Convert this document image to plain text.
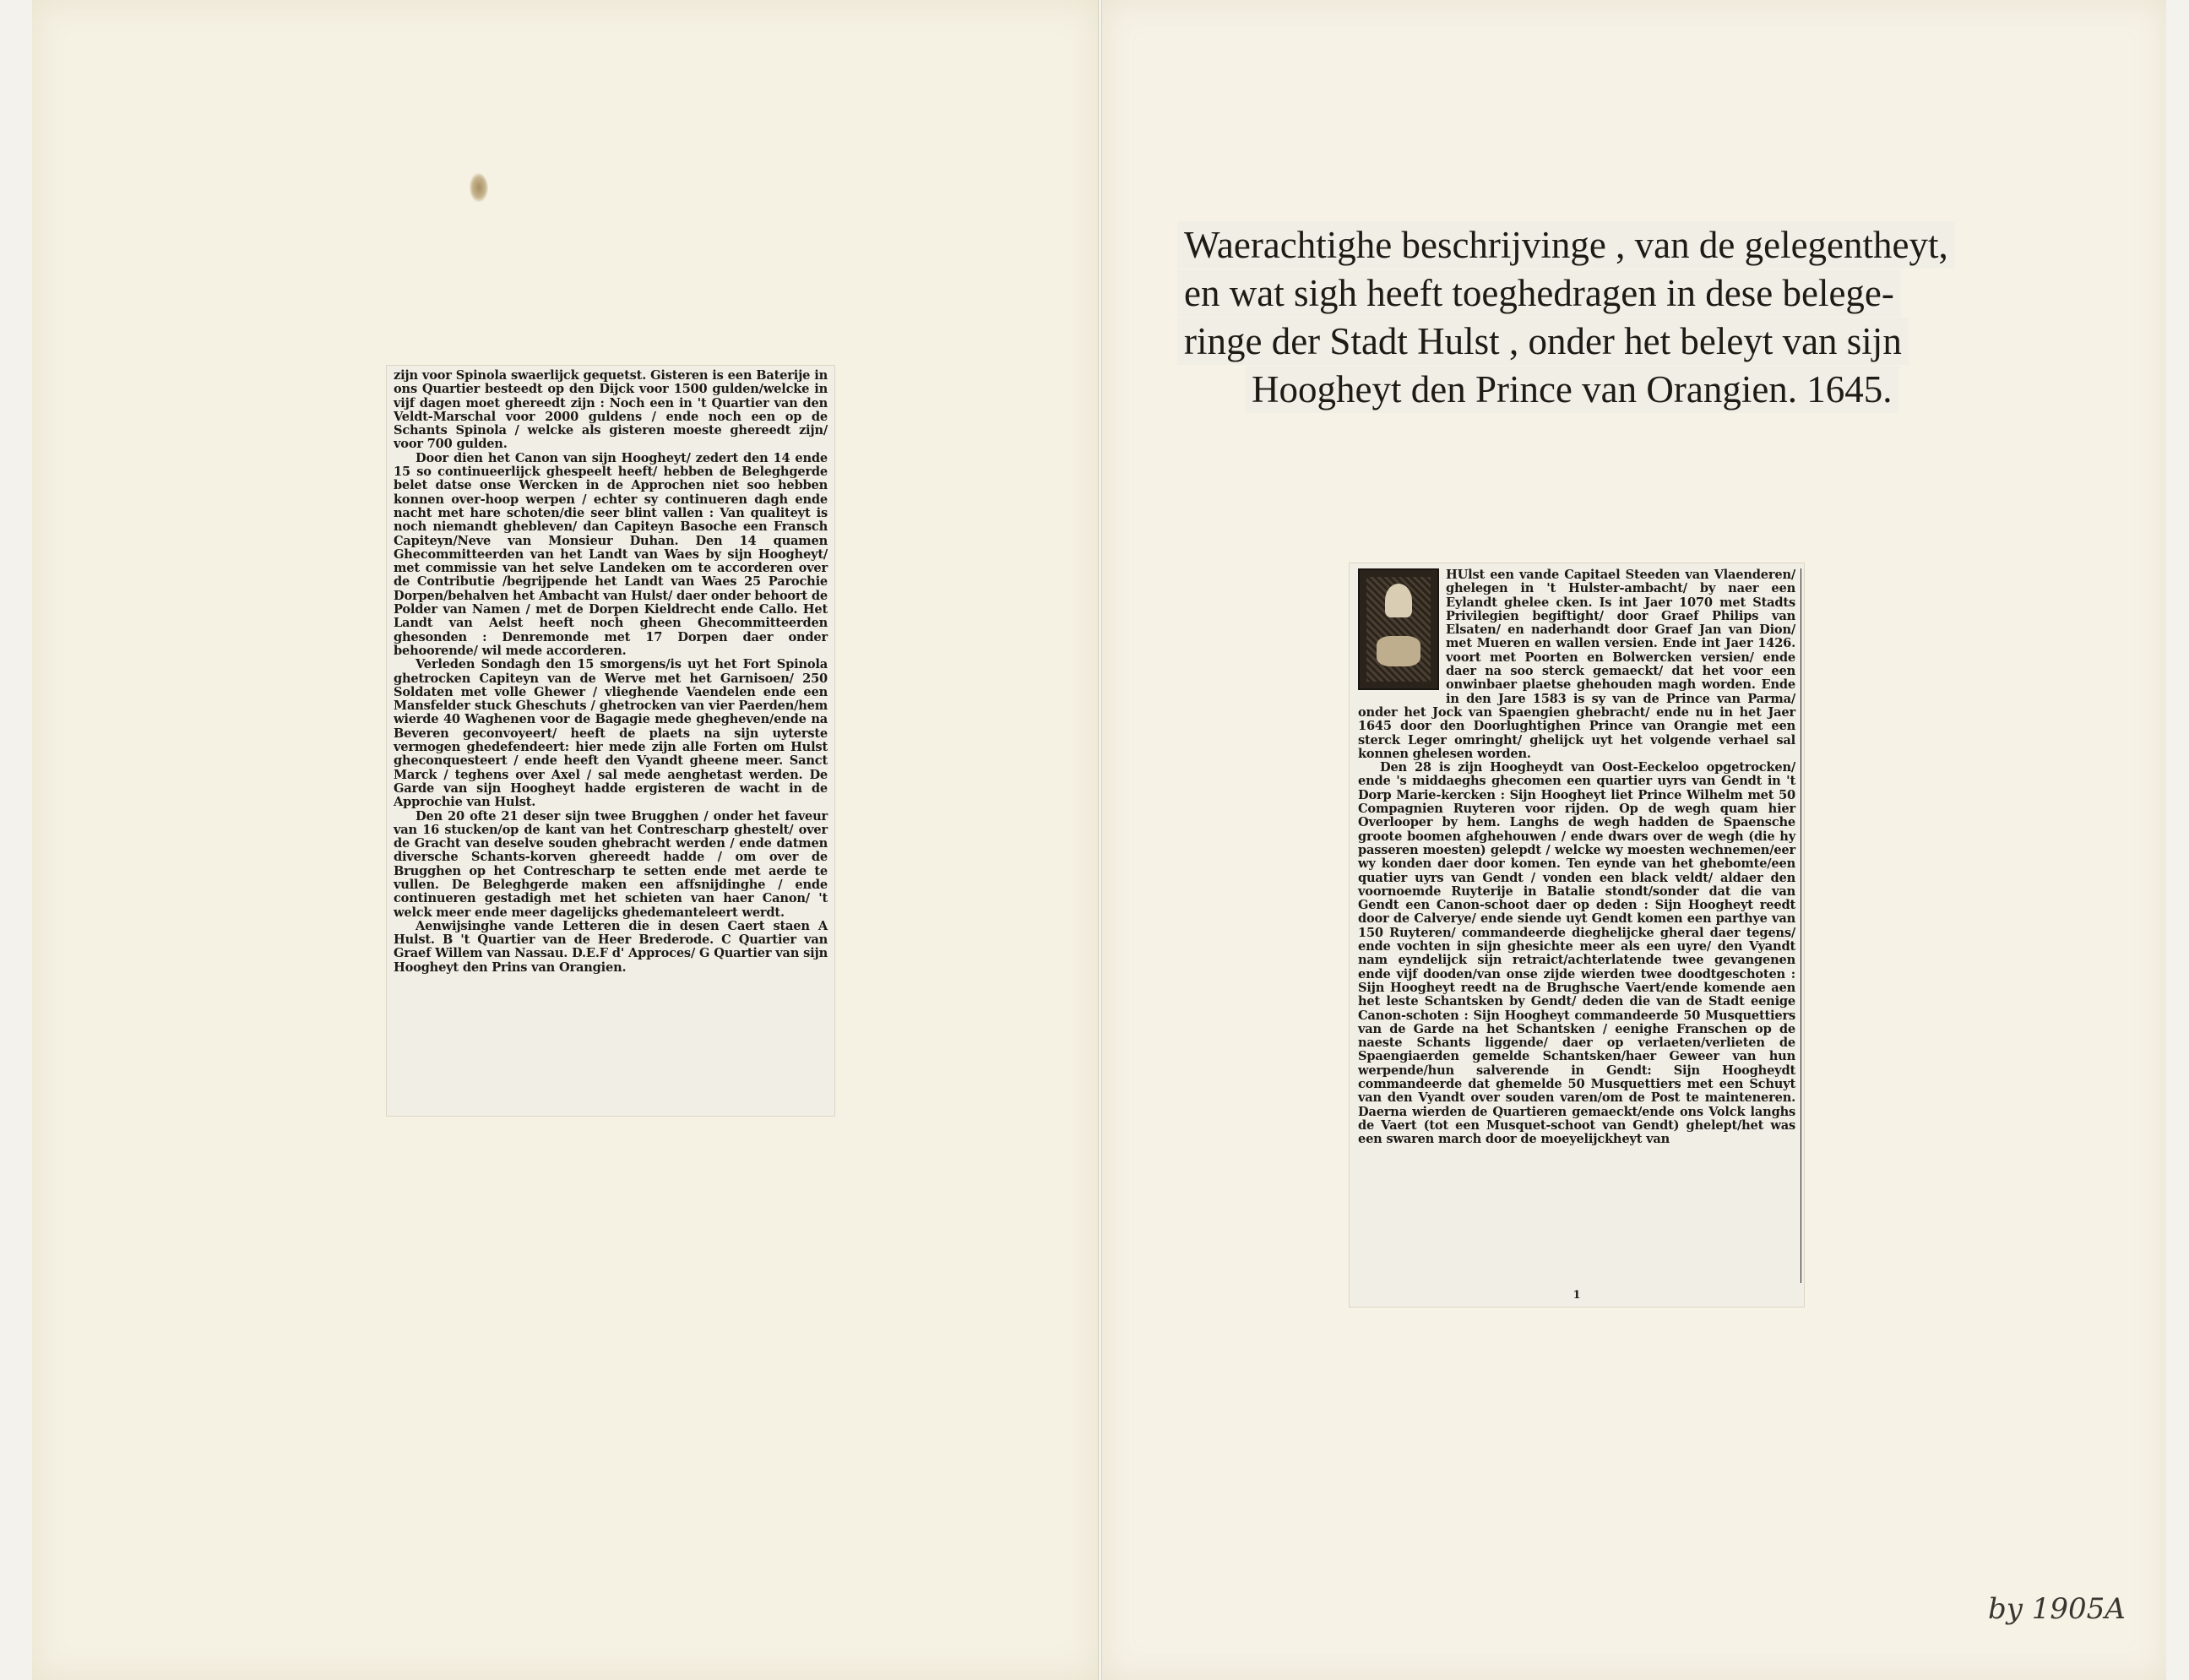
zijn voor Spinola swaerlijck gequetst. Gisteren is een Baterije in ons Quartier besteedt op den Dijck voor 1500 gulden/welcke in vijf dagen moet ghereedt zijn : Noch een in 't Quartier van den Veldt-Marschal voor 2000 guldens / ende noch een op de Schants Spinola / welcke als gisteren moeste ghereedt zijn/ voor 700 gulden.

Door dien het Canon van sijn Hoogheyt/ zedert den 14 ende 15 so continueerlijck ghespeelt heeft/ hebben de Beleghgerde belet datse onse Wercken in de Approchen niet soo hebben konnen over-hoop werpen / echter sy continueren dagh ende nacht met hare schoten/die seer blint vallen : Van qualiteyt is noch niemandt ghebleven/ dan Capiteyn Basoche een Fransch Capiteyn/Neve van Monsieur Duhan. Den 14 quamen Ghecommitteerden van het Landt van Waes by sijn Hoogheyt/ met commissie van het selve Landeken om te accorderen over de Contributie /begrijpende het Landt van Waes 25 Parochie Dorpen/behalven het Ambacht van Hulst/ daer onder behoort de Polder van Namen / met de Dorpen Kieldrecht ende Callo. Het Landt van Aelst heeft noch gheen Ghecommitteerden ghesonden : Denremonde met 17 Dorpen daer onder behoorende/ wil mede accorderen.

Verleden Sondagh den 15 smorgens/is uyt het Fort Spinola ghetrocken Capiteyn van de Werve met het Garnisoen/ 250 Soldaten met volle Ghewer / vlieghende Vaendelen ende een Mansfelder stuck Gheschuts / ghetrocken van vier Paerden/hem wierde 40 Waghenen voor de Bagagie mede ghegheven/ende na Beveren geconvoyeert/ heeft de plaets na sijn uyterste vermogen ghedefendeert: hier mede zijn alle Forten om Hulst gheconquesteert / ende heeft den Vyandt gheene meer. Sanct Marck / teghens over Axel / sal mede aenghetast werden. De Garde van sijn Hoogheyt hadde ergisteren de wacht in de Approchie van Hulst.

Den 20 ofte 21 deser sijn twee Brugghen / onder het faveur van 16 stucken/op de kant van het Contrescharp ghestelt/ over de Gracht van deselve souden ghebracht werden / ende datmen diversche Schants-korven ghereedt hadde / om over de Brugghen op het Contrescharp te setten ende met aerde te vullen. De Beleghgerde maken een affsnijdinghe / ende continueren gestadigh met het schieten van haer Canon/ 't welck meer ende meer dagelijcks ghedemanteleert werdt.

Aenwijsinghe vande Letteren die in desen Caert staen A Hulst. B 't Quartier van de Heer Brederode. C Quartier van Graef Willem van Nassau. D.E.F d' Approces/ G Quartier van sijn Hoogheyt den Prins van Orangien.

Waerachtighe beschrijvinge , van de gelegentheyt,
en wat sigh heeft toeghedragen in dese belege-
ringe der Stadt Hulst , onder het beleyt van sijn
Hoogheyt den Prince van Orangien. 1645.

HUlst een vande Capitael Steeden van Vlaenderen/ ghelegen in 't Hulster-ambacht/ by naer een Eylandt ghelee cken. Is int Jaer 1070 met Stadts Privilegien begiftight/ door Graef Philips van Elsaten/ en naderhandt door Graef Jan van Dion/ met Mueren en wallen versien. Ende int Jaer 1426. voort met Poorten en Bolwercken versien/ ende daer na soo sterck gemaeckt/ dat het voor een onwinbaer plaetse ghehouden magh worden. Ende in den Jare 1583 is sy van de Prince van Parma/ onder het Jock van Spaengien ghebracht/ ende nu in het Jaer 1645 door den Doorlughtighen Prince van Orangie met een sterck Leger omringht/ ghelijck uyt het volgende verhael sal konnen ghelesen worden.

Den 28 is zijn Hoogheydt van Oost-Eeckeloo opgetrocken/ ende 's middaeghs ghecomen een quartier uyrs van Gendt in 't Dorp Marie-kercken : Sijn Hoogheyt liet Prince Wilhelm met 50 Compagnien Ruyteren voor rijden. Op de wegh quam hier Overlooper by hem. Langhs de wegh hadden de Spaensche groote boomen afghehouwen / ende dwars over de wegh (die hy passeren moesten) gelepdt / welcke wy moesten wechnemen/eer wy konden daer door komen. Ten eynde van het ghebomte/een quatier uyrs van Gendt / vonden een black veldt/ aldaer den voornoemde Ruyterije in Batalie stondt/sonder dat die van Gendt een Canon-schoot daer op deden : Sijn Hoogheyt reedt door de Calverye/ ende siende uyt Gendt komen een parthye van 150 Ruyteren/ commandeerde dieghelijcke gheral daer tegens/ ende vochten in sijn ghesichte meer als een uyre/ den Vyandt nam eyndelijck sijn retraict/achterlatende twee gevangenen ende vijf dooden/van onse zijde wierden twee doodtgeschoten : Sijn Hoogheyt reedt na de Brughsche Vaert/ende komende aen het leste Schantsken by Gendt/ deden die van de Stadt eenige Canon-schoten : Sijn Hoogheyt commandeerde 50 Musquettiers van de Garde na het Schantsken / eenighe Franschen op de naeste Schants liggende/ daer op verlaeten/verlieten de Spaengiaerden gemelde Schantsken/haer Geweer van hun werpende/hun salverende in Gendt: Sijn Hoogheydt commandeerde dat ghemelde 50 Musquettiers met een Schuyt van den Vyandt over souden varen/om de Post te mainteneren. Daerna wierden de Quartieren gemaeckt/ende ons Volck langhs de Vaert (tot een Musquet-schoot van Gendt) ghelept/het was een swaren march door de moeyelijckheyt van

1
by 1905A
